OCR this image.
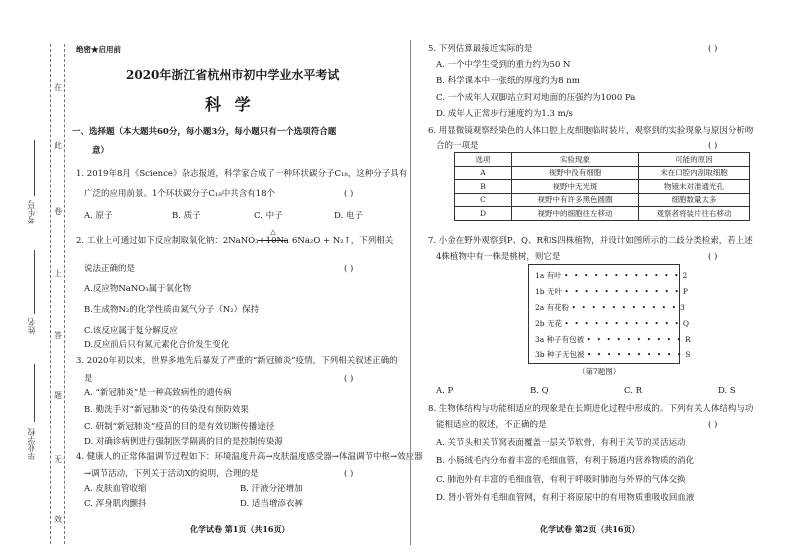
在
此
卷
上
答
题
无
效
考生号
姓名
毕业学校
绝密★启用前
2020年浙江省杭州市初中学业水平考试
科 学
一、选择题（本大题共60分，每小题3分，每小题只有一个选项符合题
意）
1. 2019年8月《Science》杂志报道，科学家合成了一种环状碳分子C₁₈，这种分子具有
广泛的应用前景。1个环状碳分子C₁₈中共含有18个	( )
A. 原子	B. 质子	C. 中子	D. 电子
2. 工业上可通过如下反应制取氧化钠：2NaNO₃+10Na
△
6Na₂O + N₂↑，下列相关
说法正确的是	( )
A.反应物NaNO₃属于氧化物
B.生成物N₂的化学性质由氮气分子（N₂）保持
C.该反应属于复分解反应
D.反应前后只有氮元素化合价发生变化
3. 2020年初以来，世界多地先后暴发了严重的“新冠肺炎”疫情，下列相关叙述正确的
是	( )
A. “新冠肺炎”是一种高致病性的遗传病
B. 勤洗手对“新冠肺炎”的传染没有预防效果
C. 研制“新冠肺炎”疫苗的目的是有效切断传播途径
D. 对确诊病例进行强制医学隔离的目的是控制传染源
4. 健康人的正常体温调节过程如下：环境温度升高→皮肤温度感受器→体温调节中枢→效应器
→调节活动，下列关于活动X的说明，合理的是	( )
A. 皮肤血管收缩	B. 汗液分泌增加
C. 浑身肌肉颤抖	D. 适当增添衣裤
化学试卷 第1页（共16页）
5. 下列估算最接近实际的是	( )
A. 一个中学生受到的重力约为50 N
B. 科学课本中一张纸的厚度约为8 nm
C. 一个成年人双脚站立时对地面的压强约为1000 Pa
D. 成年人正常步行速度约为1.3 m/s
6. 用显微镜观察经染色的人体口腔上皮细胞临时装片，观察到的实验现象与原因分析吻
合的一项是	( )
选项	实验现象	可能的原因
A	视野中没有细胞	未在口腔内刮取细胞
B	视野中无光斑	物镜未对准通光孔
C	视野中有许多黑色圆圈	细胞数量太多
D	视野中的细胞往左移动	观察者将装片往右移动
7. 小金在野外观察到P、Q、R和S四株植物，并设计如图所示的二歧分类检索，若上述
4株植物中有一株是桃树，则它是	( )
1a 有叶 • • • • • • • • • • • • 2
1b 无叶 • • • • • • • • • • • • P
2a 有花粉 • • • • • • • • • • • 3
2b 无花 • • • • • • • • • • • • Q
3a 种子有包被 • • • • • • • • • • R
3b 种子无包被 • • • • • • • • • • S
（第7题图）
A. P	B. Q	C. R	D. S
8. 生物体结构与功能相适应的现象是在长期进化过程中形成的。下列有关人体结构与功
能相适应的叙述，不正确的是	( )
A. 关节头和关节窝表面覆盖一层关节软骨，有利于关节的灵活运动
B. 小肠绒毛内分布着丰富的毛细血管，有利于肠道内营养物质的消化
C. 肺泡外有丰富的毛细血管，有利于呼吸时肺泡与外界的气体交换
D. 肾小管外有毛细血管网，有利于将原尿中的有用物质重吸收回血液
化学试卷 第2页（共16页）
